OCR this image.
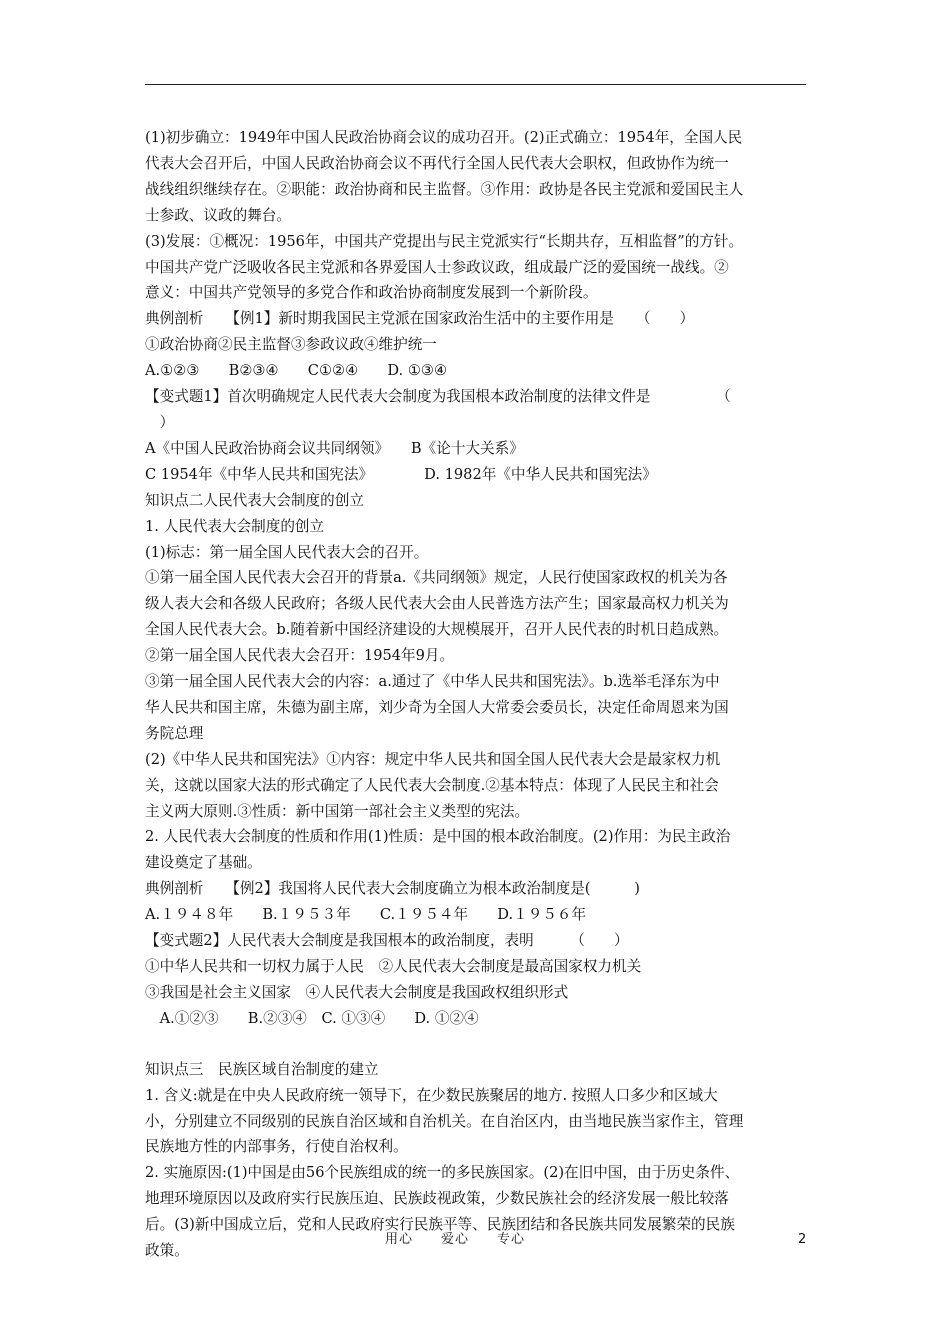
(1)初步确立：1949年中国人民政治协商会议的成功召开。(2)正式确立：1954年，全国人民
代表大会召开后，中国人民政治协商会议不再代行全国人民代表大会职权，但政协作为统一
战线组织继续存在。②职能：政治协商和民主监督。③作用：政协是各民主党派和爱国民主人
士参政、议政的舞台。
(3)发展：①概况：1956年，中国共产党提出与民主党派实行“长期共存，互相监督”的方针。
中国共产党广泛吸收各民主党派和各界爱国人士参政议政，组成最广泛的爱国统一战线。②
意义：中国共产党领导的多党合作和政治协商制度发展到一个新阶段。
典例剖析　　【例1】新时期我国民主党派在国家政治生活中的主要作用是　　（　　）
①政治协商②民主监督③参政议政④维护统一
A.①②③　　B②③④　　C①②④　　D. ①③④
【变式题1】首次明确规定人民代表大会制度为我国根本政治制度的法律文件是　　　　　（
　）
A《中国人民政治协商会议共同纲领》　　B《论十大关系》
C 1954年《中华人民共和国宪法》　　　　D. 1982年《中华人民共和国宪法》
知识点二人民代表大会制度的创立
1. 人民代表大会制度的创立
(1)标志：第一届全国人民代表大会的召开。
①第一届全国人民代表大会召开的背景a.《共同纲领》规定，人民行使国家政权的机关为各
级人表大会和各级人民政府；各级人民代表大会由人民普选方法产生；国家最高权力机关为
全国人民代表大会。b.随着新中国经济建设的大规模展开，召开人民代表的时机日趋成熟。
②第一届全国人民代表大会召开：1954年9月。
③第一届全国人民代表大会的内容：a.通过了《中华人民共和国宪法》。b.选举毛泽东为中
华人民共和国主席，朱德为副主席，刘少奇为全国人大常委会委员长，决定任命周恩来为国
务院总理
(2)《中华人民共和国宪法》①内容：规定中华人民共和国全国人民代表大会是最家权力机
关，这就以国家大法的形式确定了人民代表大会制度.②基本特点：体现了人民民主和社会
主义两大原则.③性质：新中国第一部社会主义类型的宪法。
2. 人民代表大会制度的性质和作用(1)性质：是中国的根本政治制度。(2)作用：为民主政治
建设奠定了基础。
典例剖析　　【例2】我国将人民代表大会制度确立为根本政治制度是(　　　)
A.１９４８年　　B.１９５３年　　C.１９５４年　　D.１９５６年
【变式题2】人民代表大会制度是我国根本的政治制度，表明　　　（　　）
①中华人民共和一切权力属于人民　②人民代表大会制度是最高国家权力机关
③我国是社会主义国家　④人民代表大会制度是我国政权组织形式
　A.①②③　　B.②③④　C. ①③④　　D. ①②④
知识点三　民族区域自治制度的建立
1. 含义:就是在中央人民政府统一领导下，在少数民族聚居的地方. 按照人口多少和区域大
小，分别建立不同级别的民族自治区域和自治机关。在自治区内，由当地民族当家作主，管理
民族地方性的内部事务，行使自治权利。
2. 实施原因:(1)中国是由56个民族组成的统一的多民族国家。(2)在旧中国，由于历史条件、
地理环境原因以及政府实行民族压迫、民族歧视政策，少数民族社会的经济发展一般比较落
后。(3)新中国成立后，党和人民政府实行民族平等、民族团结和各民族共同发展繁荣的民族
政策。
用心　　爱心　　专心	2
